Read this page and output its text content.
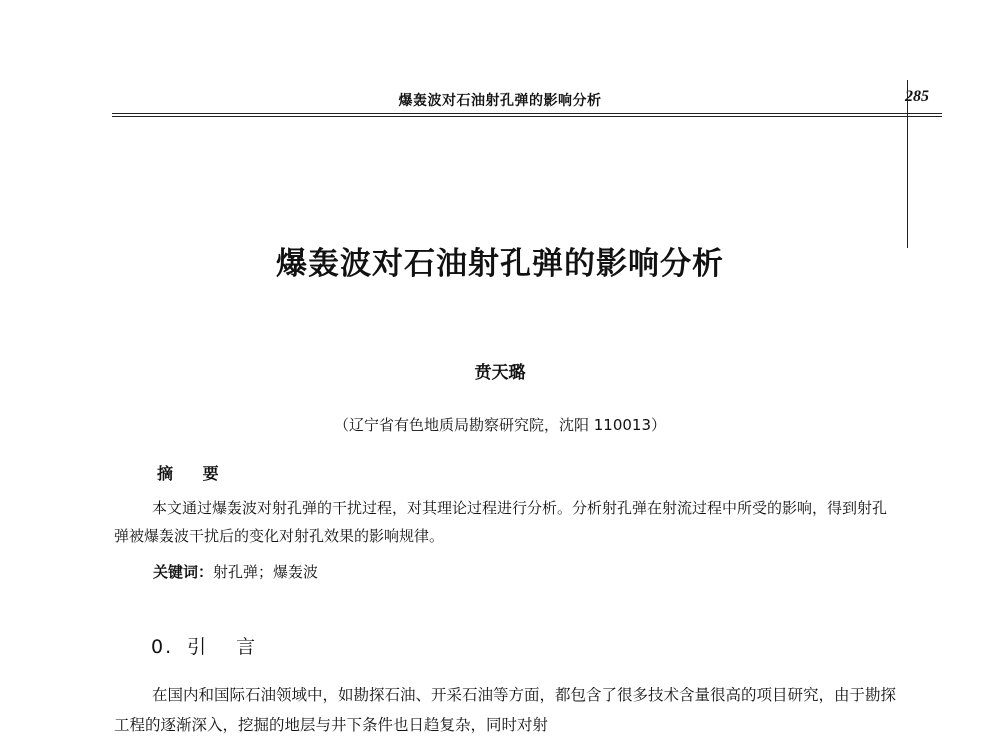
爆轰波对石油射孔弹的影响分析	285
爆轰波对石油射孔弹的影响分析
贲天璐
（辽宁省有色地质局勘察研究院，沈阳 110013）
摘 要
本文通过爆轰波对射孔弹的干扰过程，对其理论过程进行分析。分析射孔弹在射流过程中所受的影响，得到射孔弹被爆轰波干扰后的变化对射孔效果的影响规律。
关键词：射孔弹；爆轰波
0. 引 言
在国内和国际石油领域中，如勘探石油、开采石油等方面，都包含了很多技术含量很高的项目研究，由于勘探工程的逐渐深入，挖掘的地层与井下条件也日趋复杂，同时对射
